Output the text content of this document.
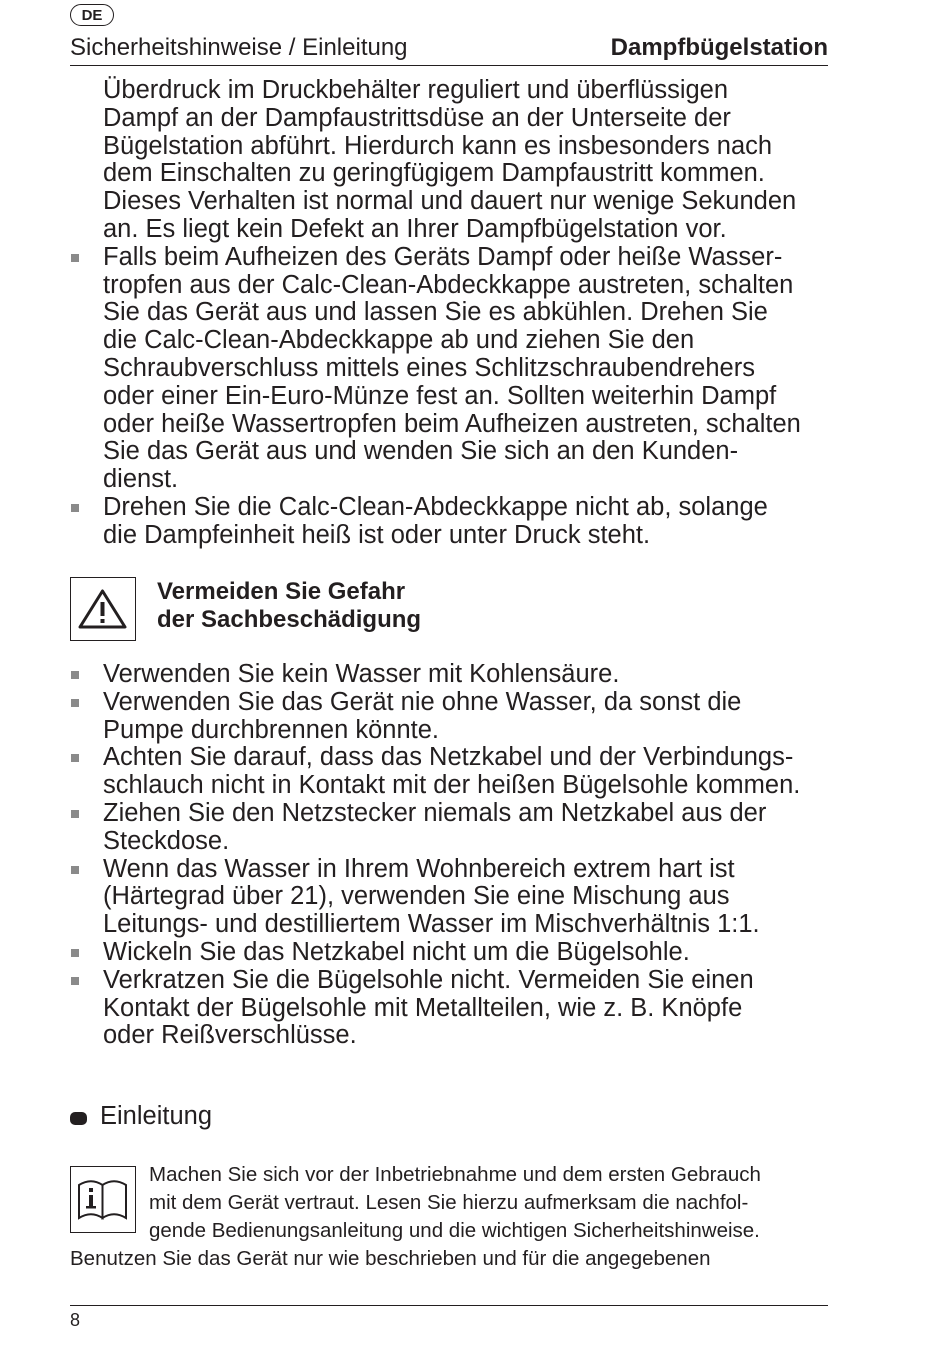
DE
Sicherheitshinweise / Einleitung	Dampfbügelstation
Überdruck im Druckbehälter reguliert und überflüssigen
Dampf an der Dampfaustrittsdüse an der Unterseite der
Bügelstation abführt. Hierdurch kann es insbesonders nach
dem Einschalten zu geringfügigem Dampfaustritt kommen.
Dieses Verhalten ist normal und dauert nur wenige Sekunden
an. Es liegt kein Defekt an Ihrer Dampfbügelstation vor.
Falls beim Aufheizen des Geräts Dampf oder heiße Wasser-
tropfen aus der Calc-Clean-Abdeckkappe austreten, schalten
Sie das Gerät aus und lassen Sie es abkühlen. Drehen Sie
die Calc-Clean-Abdeckkappe ab und ziehen Sie den
Schraubverschluss mittels eines Schlitzschraubendrehers
oder einer Ein-Euro-Münze fest an. Sollten weiterhin Dampf
oder heiße Wassertropfen beim Aufheizen austreten, schalten
Sie das Gerät aus und wenden Sie sich an den Kunden-
dienst.
Drehen Sie die Calc-Clean-Abdeckkappe nicht ab, solange
die Dampfeinheit heiß ist oder unter Druck steht.
Vermeiden Sie Gefahr
der Sachbeschädigung
Verwenden Sie kein Wasser mit Kohlensäure.
Verwenden Sie das Gerät nie ohne Wasser, da sonst die
Pumpe durchbrennen könnte.
Achten Sie darauf, dass das Netzkabel und der Verbindungs-
schlauch nicht in Kontakt mit der heißen Bügelsohle kommen.
Ziehen Sie den Netzstecker niemals am Netzkabel aus der
Steckdose.
Wenn das Wasser in Ihrem Wohnbereich extrem hart ist
(Härtegrad über 21), verwenden Sie eine Mischung aus
Leitungs- und destilliertem Wasser im Mischverhältnis 1:1.
Wickeln Sie das Netzkabel nicht um die Bügelsohle.
Verkratzen Sie die Bügelsohle nicht. Vermeiden Sie einen
Kontakt der Bügelsohle mit Metallteilen, wie z. B. Knöpfe
oder Reißverschlüsse.
Einleitung
Machen Sie sich vor der Inbetriebnahme und dem ersten Gebrauch
mit dem Gerät vertraut. Lesen Sie hierzu aufmerksam die nachfol-
gende Bedienungsanleitung und die wichtigen Sicherheitshinweise.
Benutzen Sie das Gerät nur wie beschrieben und für die angegebenen
8
